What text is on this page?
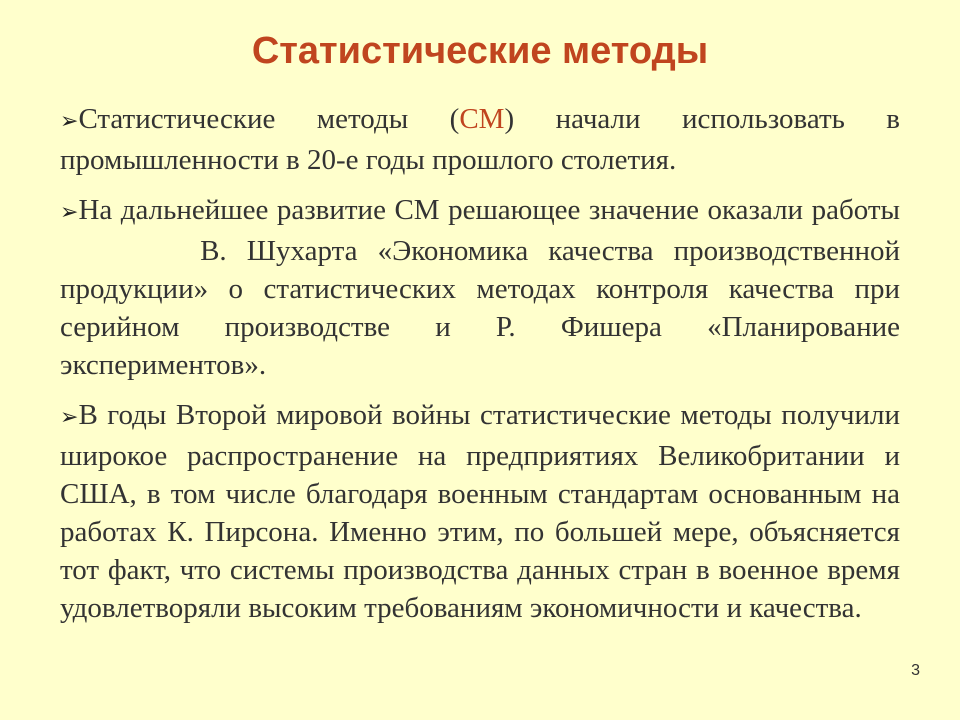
Статистические методы

➢Статистические методы (СМ) начали использовать в промышленности в 20-е годы прошлого столетия.

➢На дальнейшее развитие СМ решающее значение оказали работы  В. Шухарта «Экономика качества производственной продукции» о статистических методах контроля качества при серийном производстве и Р. Фишера «Планирование экспериментов».

➢В годы Второй мировой войны статистические методы получили широкое распространение на предприятиях Великобритании и США, в том числе благодаря военным стандартам основанным на работах К. Пирсона. Именно этим, по большей мере, объясняется тот факт, что системы производства данных стран в военное время удовлетворяли высоким требованиям экономичности и качества.

3
